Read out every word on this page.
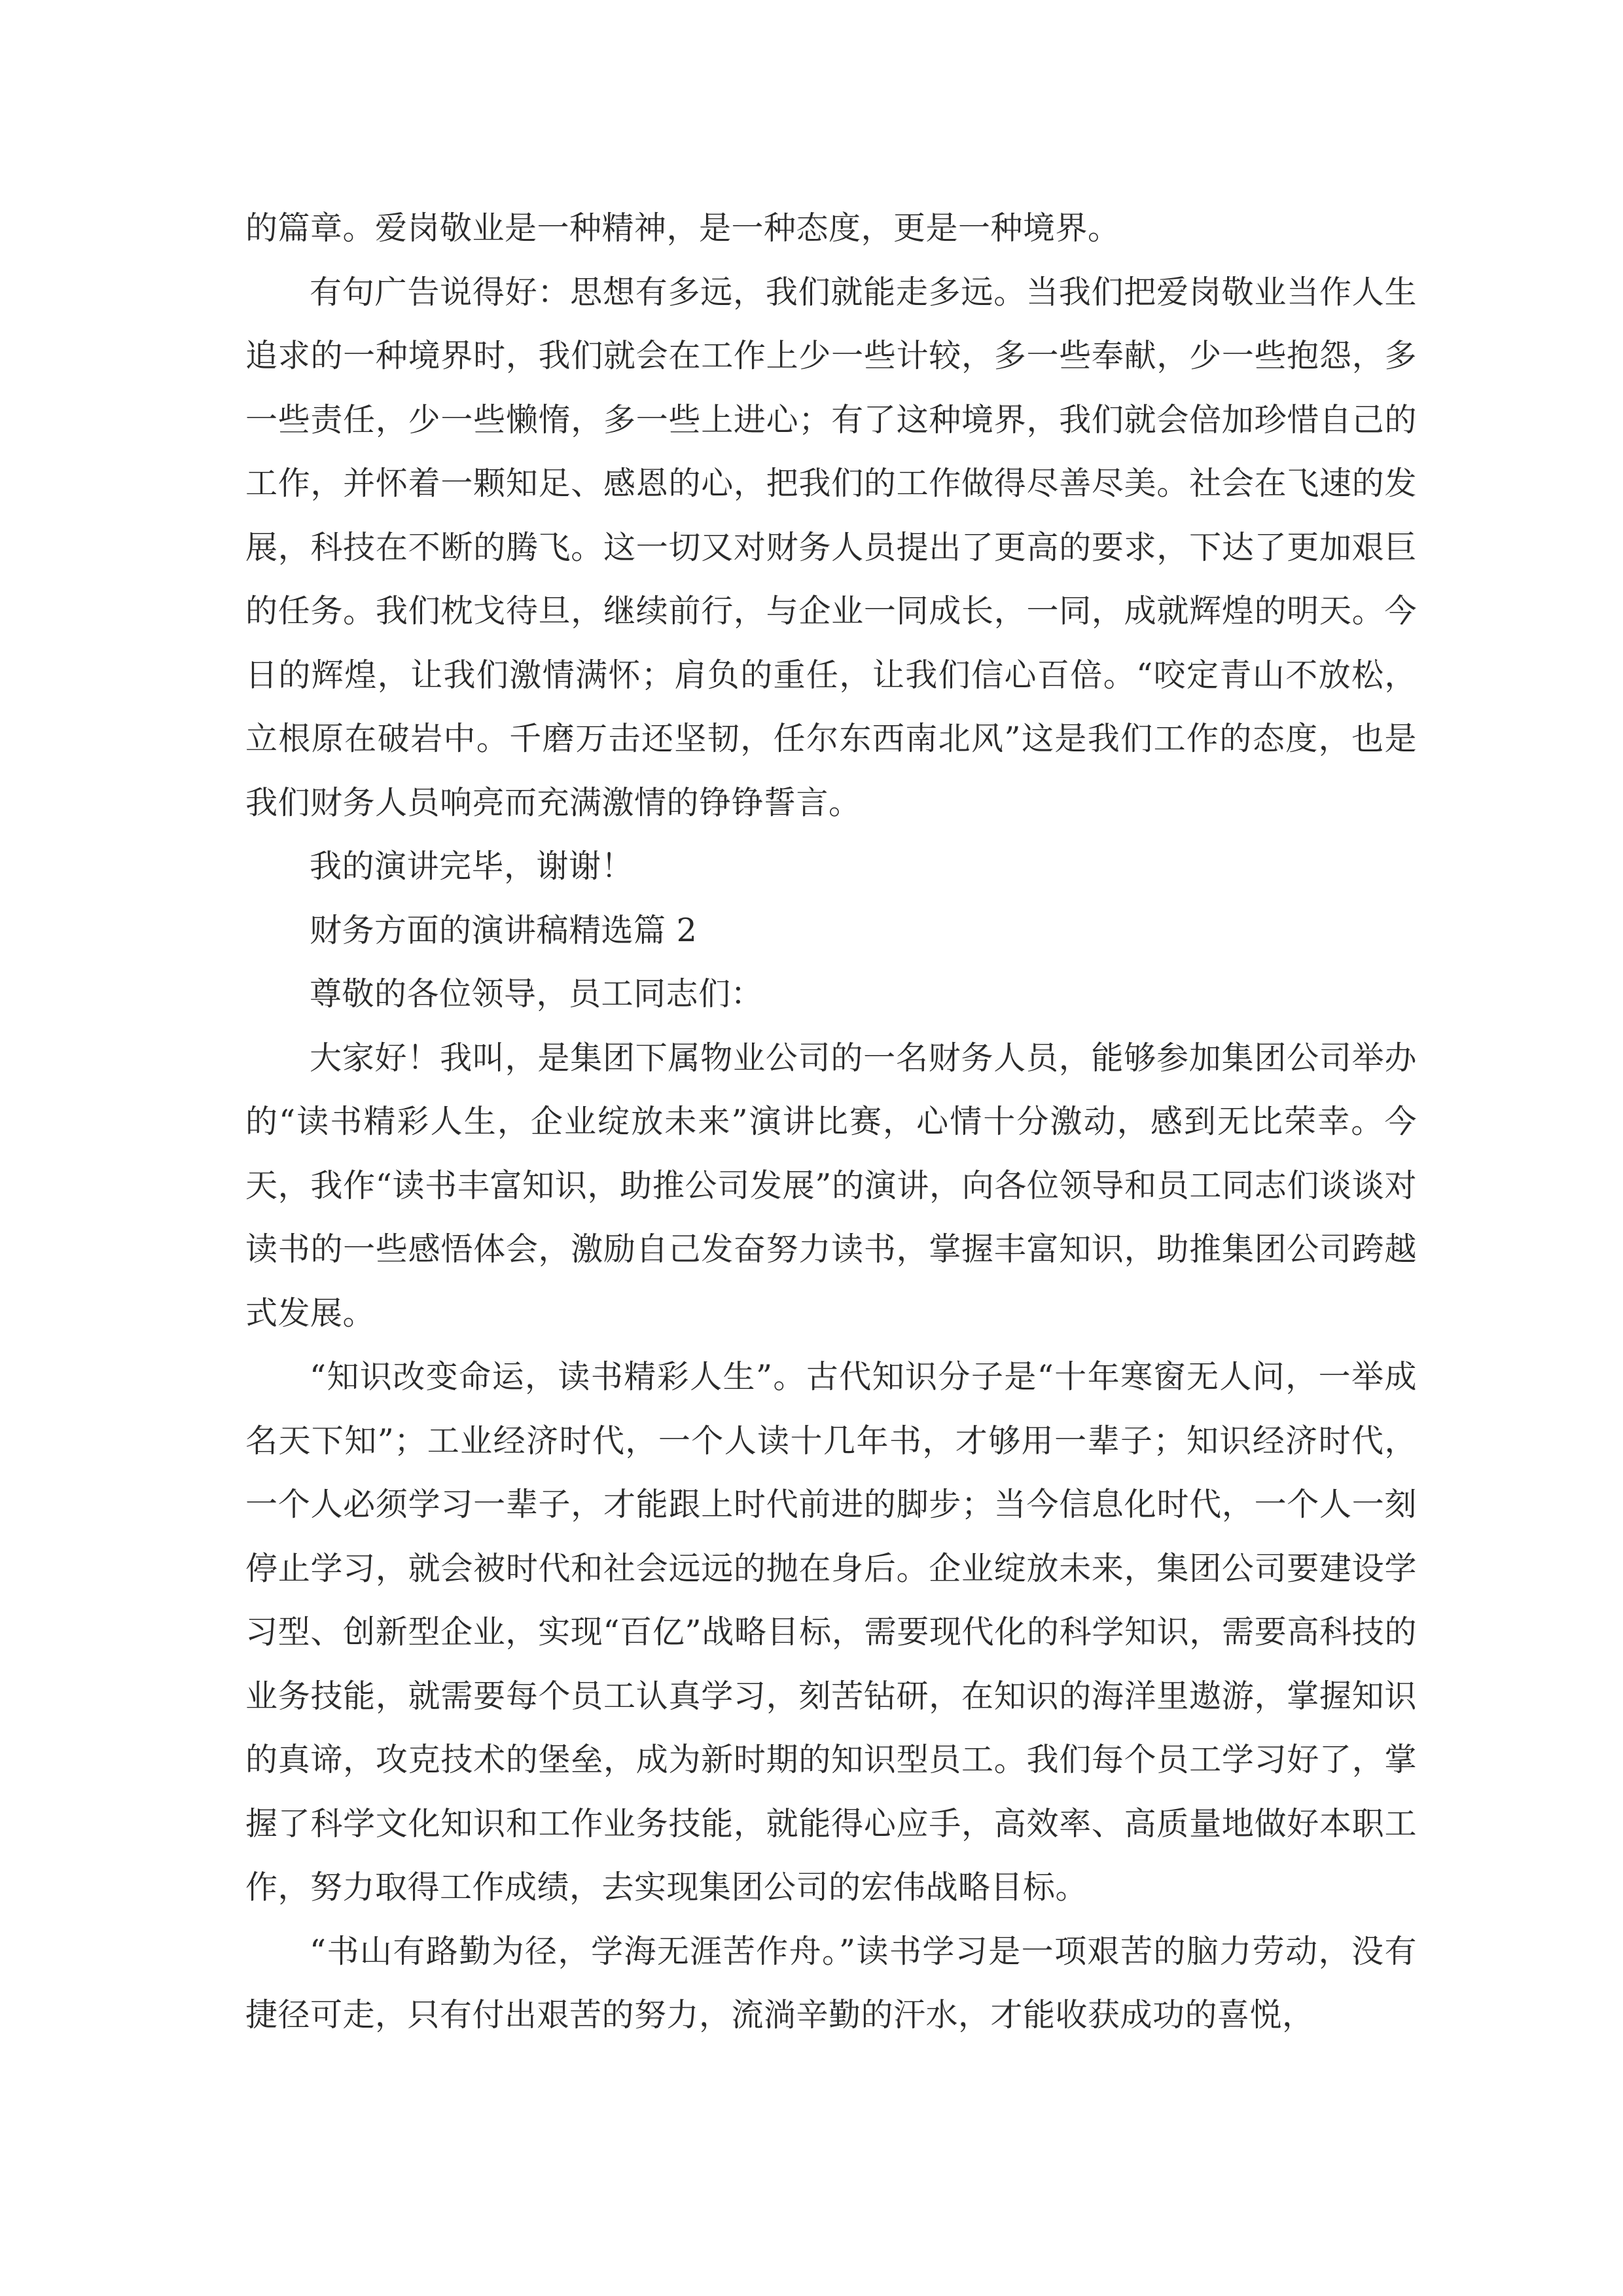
的篇章。爱岗敬业是一种精神，是一种态度，更是一种境界。

有句广告说得好：思想有多远，我们就能走多远。当我们把爱岗敬业当作人生追求的一种境界时，我们就会在工作上少一些计较，多一些奉献，少一些抱怨，多一些责任，少一些懒惰，多一些上进心；有了这种境界，我们就会倍加珍惜自己的工作，并怀着一颗知足、感恩的心，把我们的工作做得尽善尽美。社会在飞速的发展，科技在不断的腾飞。这一切又对财务人员提出了更高的要求，下达了更加艰巨的任务。我们枕戈待旦，继续前行，与企业一同成长，一同，成就辉煌的明天。今日的辉煌，让我们激情满怀；肩负的重任，让我们信心百倍。“咬定青山不放松，立根原在破岩中。千磨万击还坚韧，任尔东西南北风”这是我们工作的态度，也是我们财务人员响亮而充满激情的铮铮誓言。

我的演讲完毕，谢谢！

财务方面的演讲稿精选篇 2

尊敬的各位领导，员工同志们：

大家好！我叫，是集团下属物业公司的一名财务人员，能够参加集团公司举办的“读书精彩人生，企业绽放未来”演讲比赛，心情十分激动，感到无比荣幸。今天，我作“读书丰富知识，助推公司发展”的演讲，向各位领导和员工同志们谈谈对读书的一些感悟体会，激励自己发奋努力读书，掌握丰富知识，助推集团公司跨越式发展。

“知识改变命运，读书精彩人生”。古代知识分子是“十年寒窗无人问，一举成名天下知”；工业经济时代，一个人读十几年书，才够用一辈子；知识经济时代，一个人必须学习一辈子，才能跟上时代前进的脚步；当今信息化时代，一个人一刻停止学习，就会被时代和社会远远的抛在身后。企业绽放未来，集团公司要建设学习型、创新型企业，实现“百亿”战略目标，需要现代化的科学知识，需要高科技的业务技能，就需要每个员工认真学习，刻苦钻研，在知识的海洋里遨游，掌握知识的真谛，攻克技术的堡垒，成为新时期的知识型员工。我们每个员工学习好了，掌握了科学文化知识和工作业务技能，就能得心应手，高效率、高质量地做好本职工作，努力取得工作成绩，去实现集团公司的宏伟战略目标。

“书山有路勤为径，学海无涯苦作舟。”读书学习是一项艰苦的脑力劳动，没有捷径可走，只有付出艰苦的努力，流淌辛勤的汗水，才能收获成功的喜悦，
